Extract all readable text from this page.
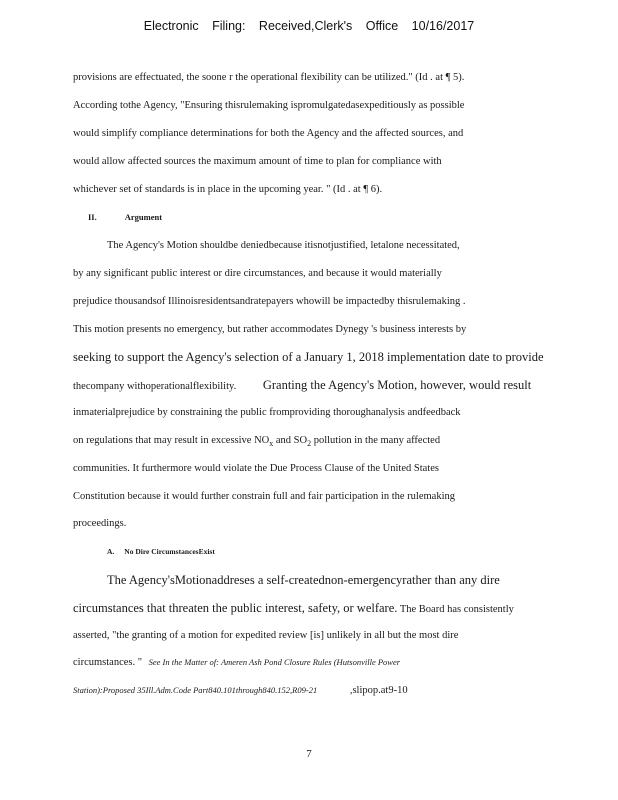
Electronic Filing: Received,Clerk's Office 10/16/2017
provisions are effectuated, the soone r the operational flexibility can be utilized." (Id . at ¶ 5).
According tothe Agency, "Ensuring thisrulemaking ispromulgatedasexpeditiously as possible
would simplify compliance determinations for both the Agency and the affected sources, and
would allow affected sources the maximum amount of time to plan for compliance with
whichever set of standards is in place in the upcoming year. " (Id . at ¶ 6).
II.	Argument
The Agency's Motion shouldbe deniedbecause itisnotjustified, letalone necessitated,
by any significant public interest or dire circumstances, and because it would materially
prejudice thousandsof Illinoisresidentsandratepayers whowill be impactedby thisrulemaking .
This motion presents no emergency, but rather accommodates Dynegy 's business interests by
seeking to support the Agency's selection of a January 1, 2018 implementation date to provide
thecompany withoperationalflexibility. Granting the Agency's Motion, however, would result
inmaterialprejudice by constraining the public fromproviding thoroughanalysis andfeedback
on regulations that may result in excessive $NO_x$ and $SO_2$ pollution in the many affected
communities. It furthermore would violate the Due Process Clause of the United States
Constitution because it would further constrain full and fair participation in the rulemaking
proceedings.
A. No Dire CircumstancesExist
The Agency'sMotionaddreses a self-creatednon-emergencyrather than any dire
circumstances that threaten the public interest, safety, or welfare. The Board has consistently
asserted, "the granting of a motion for expedited review [is] unlikely in all but the most dire
circumstances. " See In the Matter of: Ameren Ash Pond Closure Rules (Hutsonville Power
Station):Proposed 35Ill.Adm.Code Part840.101through840.152,R09-21	,slipop.at9-10
7
